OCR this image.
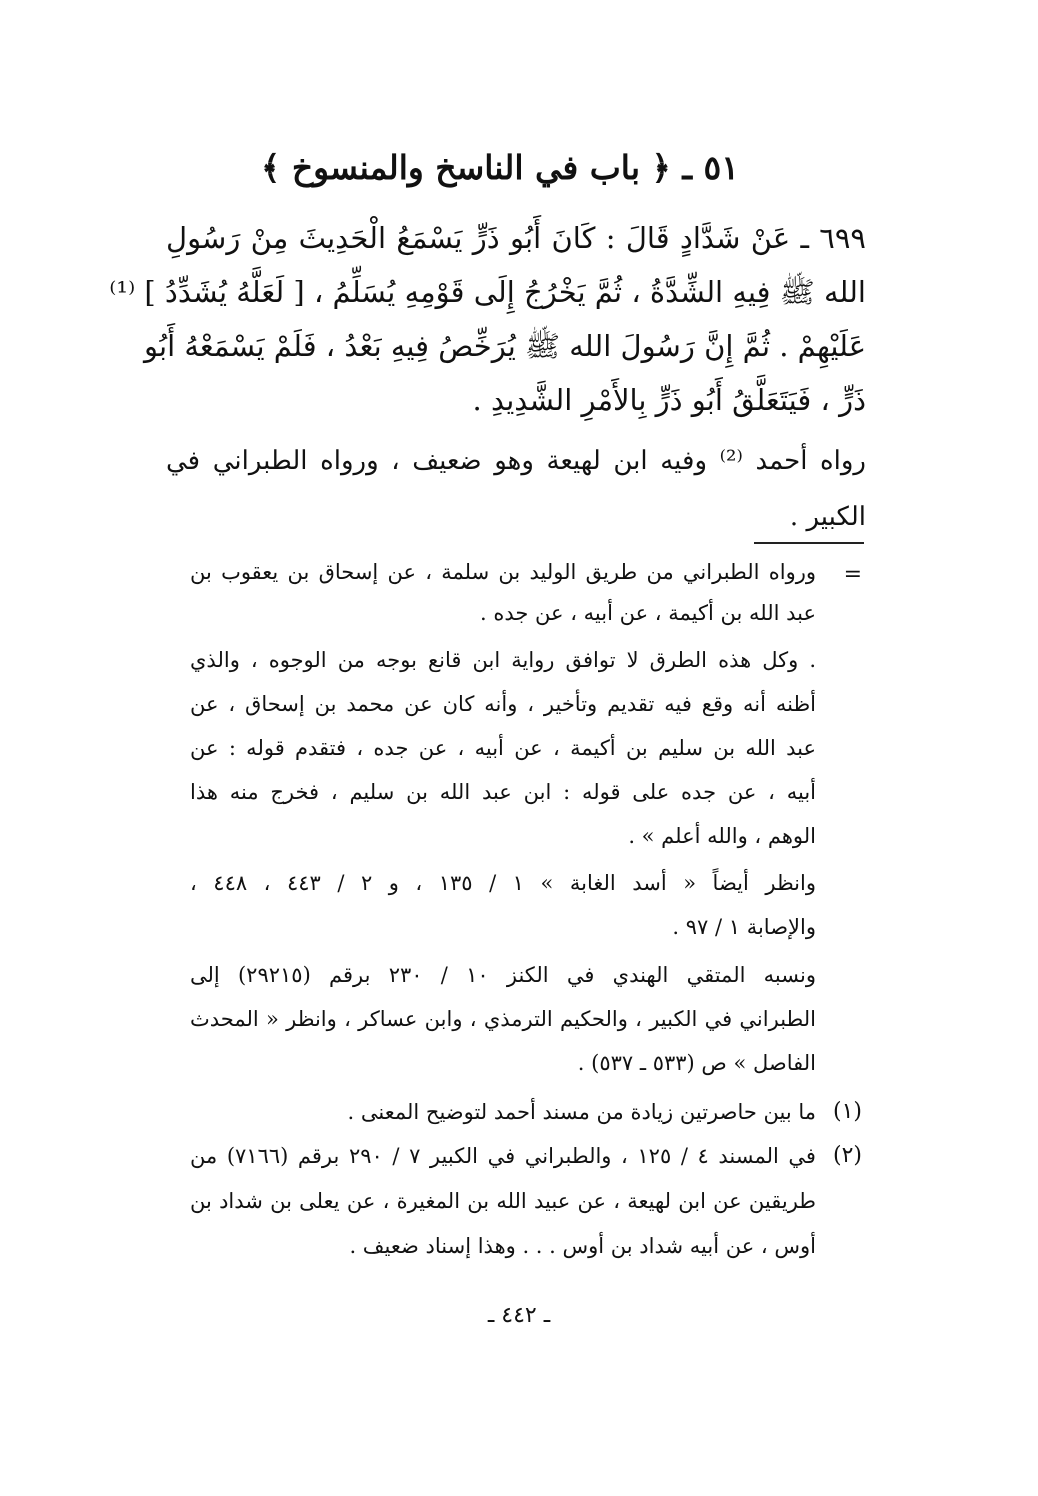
٥١ ـ ﴿ باب في الناسخ والمنسوخ ﴾
٦٩٩ ـ عَنْ شَدَّادٍ قَالَ : كَانَ أَبُو ذَرٍّ يَسْمَعُ الْحَدِيثَ مِنْ رَسُولِ
الله ﷺ فِيهِ الشِّدَّةُ ، ثُمَّ يَخْرُجُ إِلَى قَوْمِهِ يُسَلِّمُ ، [ لَعَلَّهُ يُشَدِّدُ ] ⁽¹⁾
عَلَيْهِمْ . ثُمَّ إِنَّ رَسُولَ الله ﷺ يُرَخِّصُ فِيهِ بَعْدُ ، فَلَمْ يَسْمَعْهُ أَبُو
ذَرٍّ ، فَيَتَعَلَّقُ أَبُو ذَرٍّ بِالأَمْرِ الشَّدِيدِ .
رواه أحمد ⁽²⁾ وفيه ابن لهيعة وهو ضعيف ، ورواه الطبراني في
الكبير .
=
ورواه الطبراني من طريق الوليد بن سلمة ، عن إسحاق بن يعقوب بن
عبد الله بن أكيمة ، عن أبيه ، عن جده .
. وكل هذه الطرق لا توافق رواية ابن قانع بوجه من الوجوه ، والذي
أظنه أنه وقع فيه تقديم وتأخير ، وأنه كان عن محمد بن إسحاق ، عن
عبد الله بن سليم بن أكيمة ، عن أبيه ، عن جده ، فتقدم قوله : عن
أبيه ، عن جده على قوله : ابن عبد الله بن سليم ، فخرج منه هذا
الوهم ، والله أعلم » .
وانظر أيضاً « أسد الغابة » ١ / ١٣٥ ، و ٢ / ٤٤٣ ، ٤٤٨ ،
والإصابة ١ / ٩٧ .
ونسبه المتقي الهندي في الكنز ١٠ / ٢٣٠ برقم (٢٩٢١٥) إلى
الطبراني في الكبير ، والحكيم الترمذي ، وابن عساكر ، وانظر « المحدث
الفاصل » ص (٥٣٣ ـ ٥٣٧) .
(١)
ما بين حاصرتين زيادة من مسند أحمد لتوضيح المعنى .
(٢)
في المسند ٤ / ١٢٥ ، والطبراني في الكبير ٧ / ٢٩٠ برقم (٧١٦٦) من
طريقين عن ابن لهيعة ، عن عبيد الله بن المغيرة ، عن يعلى بن شداد بن
أوس ، عن أبيه شداد بن أوس . . . وهذا إسناد ضعيف .
ـ ٤٤٢ ـ
